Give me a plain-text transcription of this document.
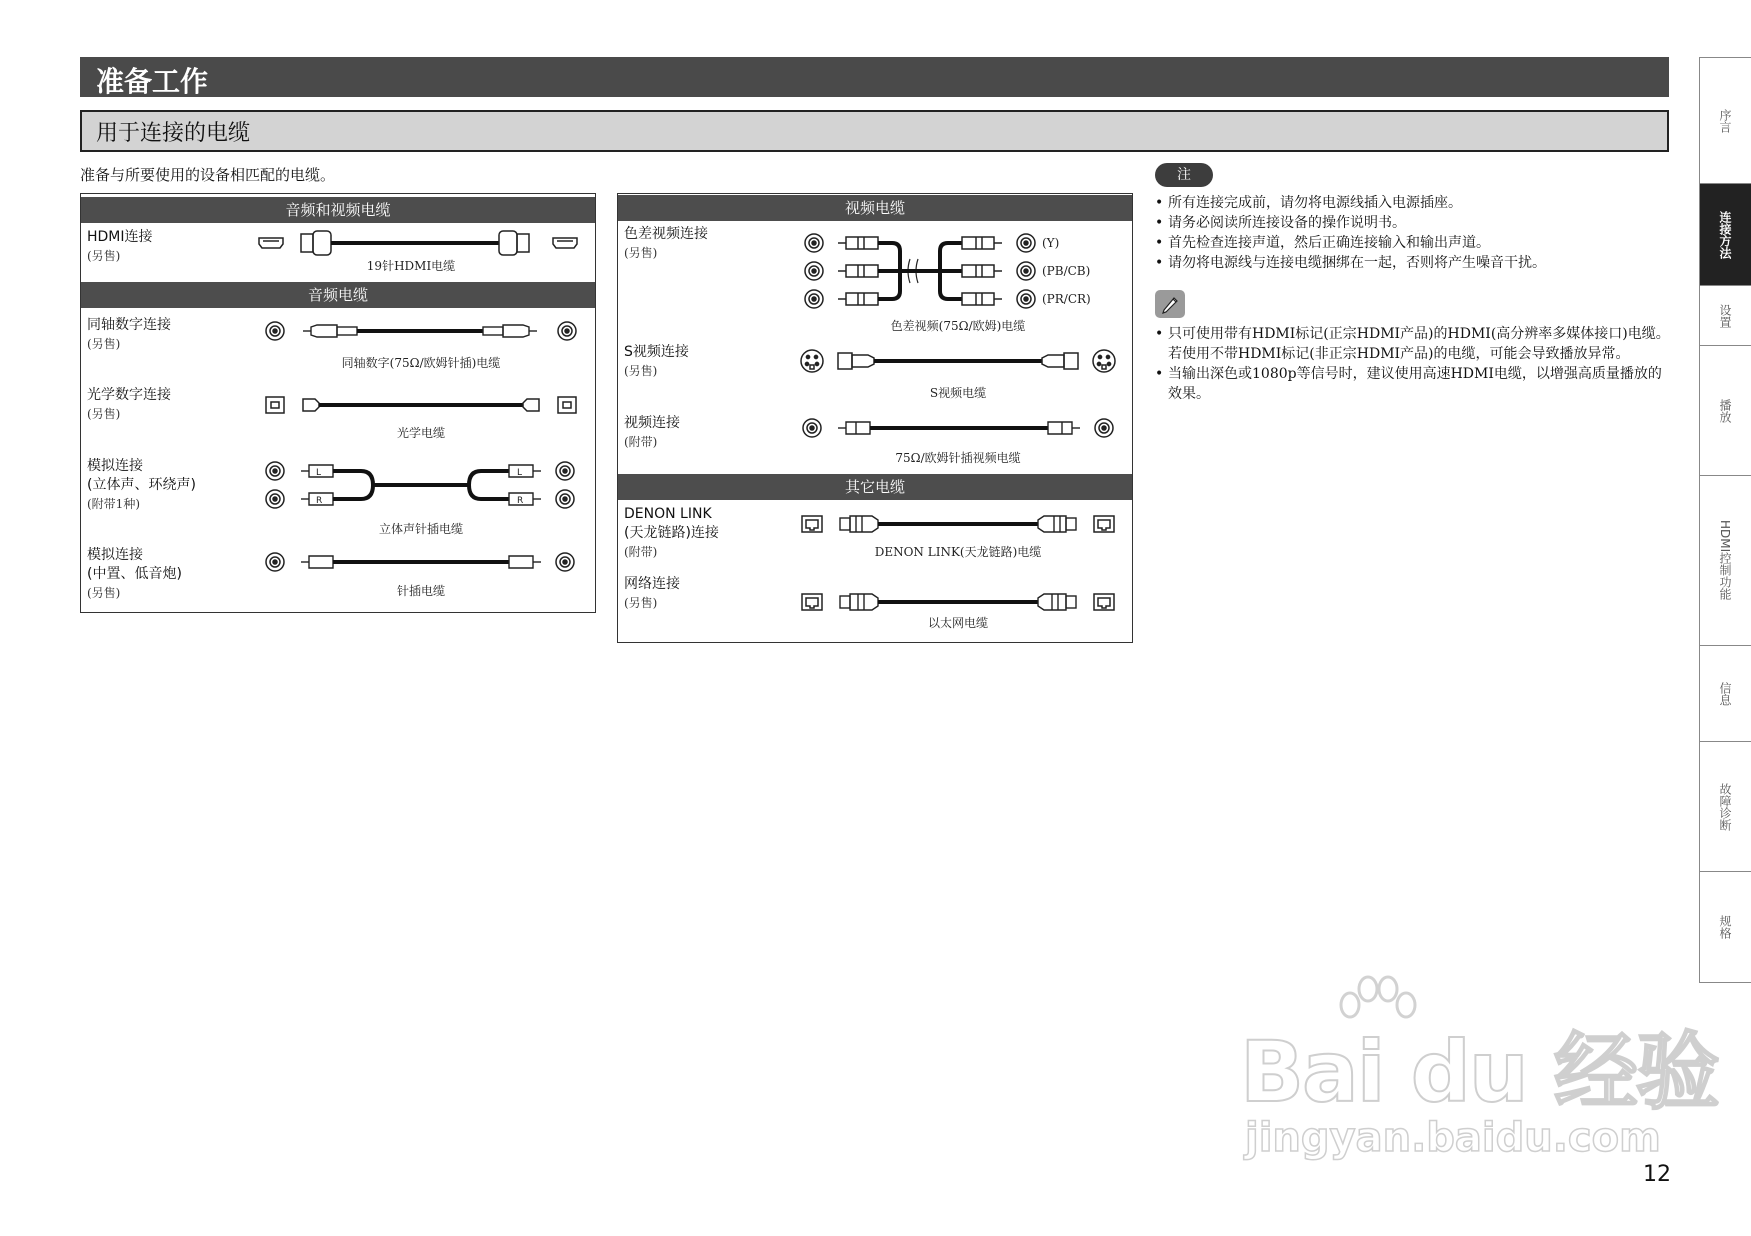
准备工作
用于连接的电缆
准备与所要使用的设备相匹配的电缆。
音频和视频电缆
HDMI连接
(另售)
19针HDMI电缆
音频电缆
同轴数字连接
(另售)
同轴数字(75Ω/欧姆针插)电缆
光学数字连接
(另售)
光学电缆
模拟连接
(立体声、环绕声)
(附带1种)
L
R
L
R
立体声针插电缆
模拟连接
(中置、低音炮)
(另售)	针插电缆
视频电缆
色差视频连接
(另售)
(Y)
(PB/CB)
(PR/CR)
色差视频(75Ω/欧姆)电缆
S视频连接
(另售)
S视频电缆
视频连接
(附带)
75Ω/欧姆针插视频电缆
其它电缆
DENON LINK
(天龙链路)连接
(附带)	DENON LINK(天龙链路)电缆
网络连接
(另售)
以太网电缆
注
• 所有连接完成前，请勿将电源线插入电源插座。
• 请务必阅读所连接设备的操作说明书。
• 首先检查连接声道，然后正确连接输入和输出声道。
• 请勿将电源线与连接电缆捆绑在一起，否则将产生噪音干扰。
• 只可使用带有HDMI标记(正宗HDMI产品)的HDMI(高分辨率多媒体接口)电缆。若使用不带HDMI标记(非正宗HDMI产品)的电缆，可能会导致播放异常。
• 当输出深色或1080p等信号时，建议使用高速HDMI电缆，以增强高质量播放的效果。
序言
连接方法
设置
播放
HDMI控制功能
信息
故障诊断
规格
Bai du 经验
jingyan.baidu.com
12
